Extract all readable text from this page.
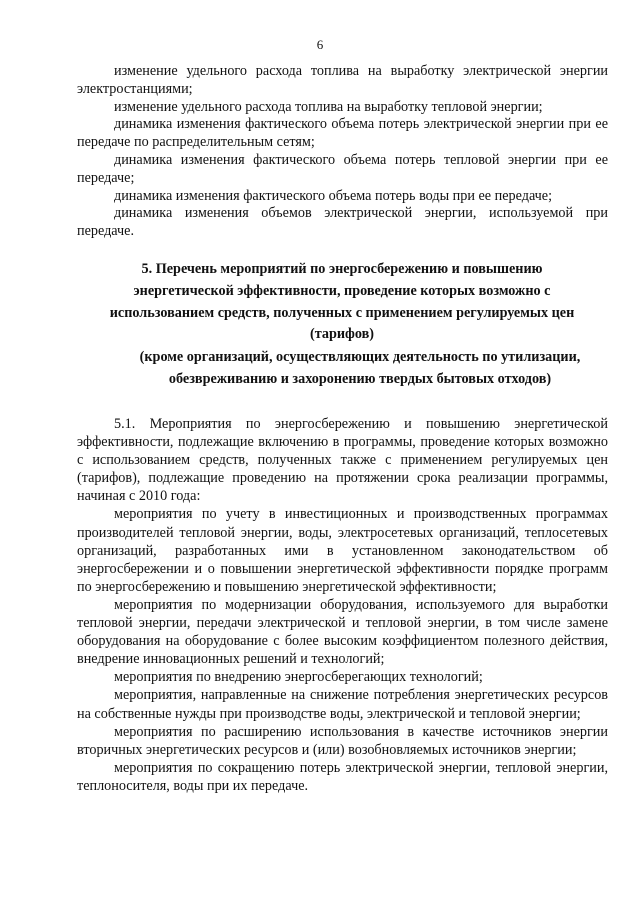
6

изменение удельного расхода топлива на выработку электрической энергии электростанциями;

изменение удельного расхода топлива на выработку тепловой энергии;

динамика изменения фактического объема потерь электрической энергии при ее передаче по распределительным сетям;

динамика изменения фактического объема потерь тепловой энергии при ее передаче;

динамика изменения фактического объема потерь воды при ее передаче;

динамика изменения объемов электрической энергии, используемой при передаче.

5. Перечень мероприятий по энергосбережению и повышению энергетической эффективности, проведение которых возможно с использованием средств, полученных с применением регулируемых цен (тарифов)
(кроме организаций, осуществляющих деятельность по утилизации, обезвреживанию и захоронению твердых бытовых отходов)

5.1. Мероприятия по энергосбережению и повышению энергетической эффективности, подлежащие включению в программы, проведение которых возможно с использованием средств, полученных также с применением регулируемых цен (тарифов), подлежащие проведению на протяжении срока реализации программы, начиная с 2010 года:

мероприятия по учету в инвестиционных и производственных программах производителей тепловой энергии, воды, электросетевых организаций, теплосетевых организаций, разработанных ими в установленном законодательством об энергосбережении и о повышении энергетической эффективности порядке программ по энергосбережению и повышению энергетической эффективности;

мероприятия по модернизации оборудования, используемого для выработки тепловой энергии, передачи электрической и тепловой энергии, в том числе замене оборудования на оборудование с более высоким коэффициентом полезного действия, внедрение инновационных решений и технологий;

мероприятия по внедрению энергосберегающих технологий;

мероприятия, направленные на снижение потребления энергетических ресурсов на собственные нужды при производстве воды, электрической и тепловой энергии;

мероприятия по расширению использования в качестве источников энергии вторичных энергетических ресурсов и (или) возобновляемых источников энергии;

мероприятия по сокращению потерь электрической энергии, тепловой энергии, теплоносителя, воды при их передаче.
